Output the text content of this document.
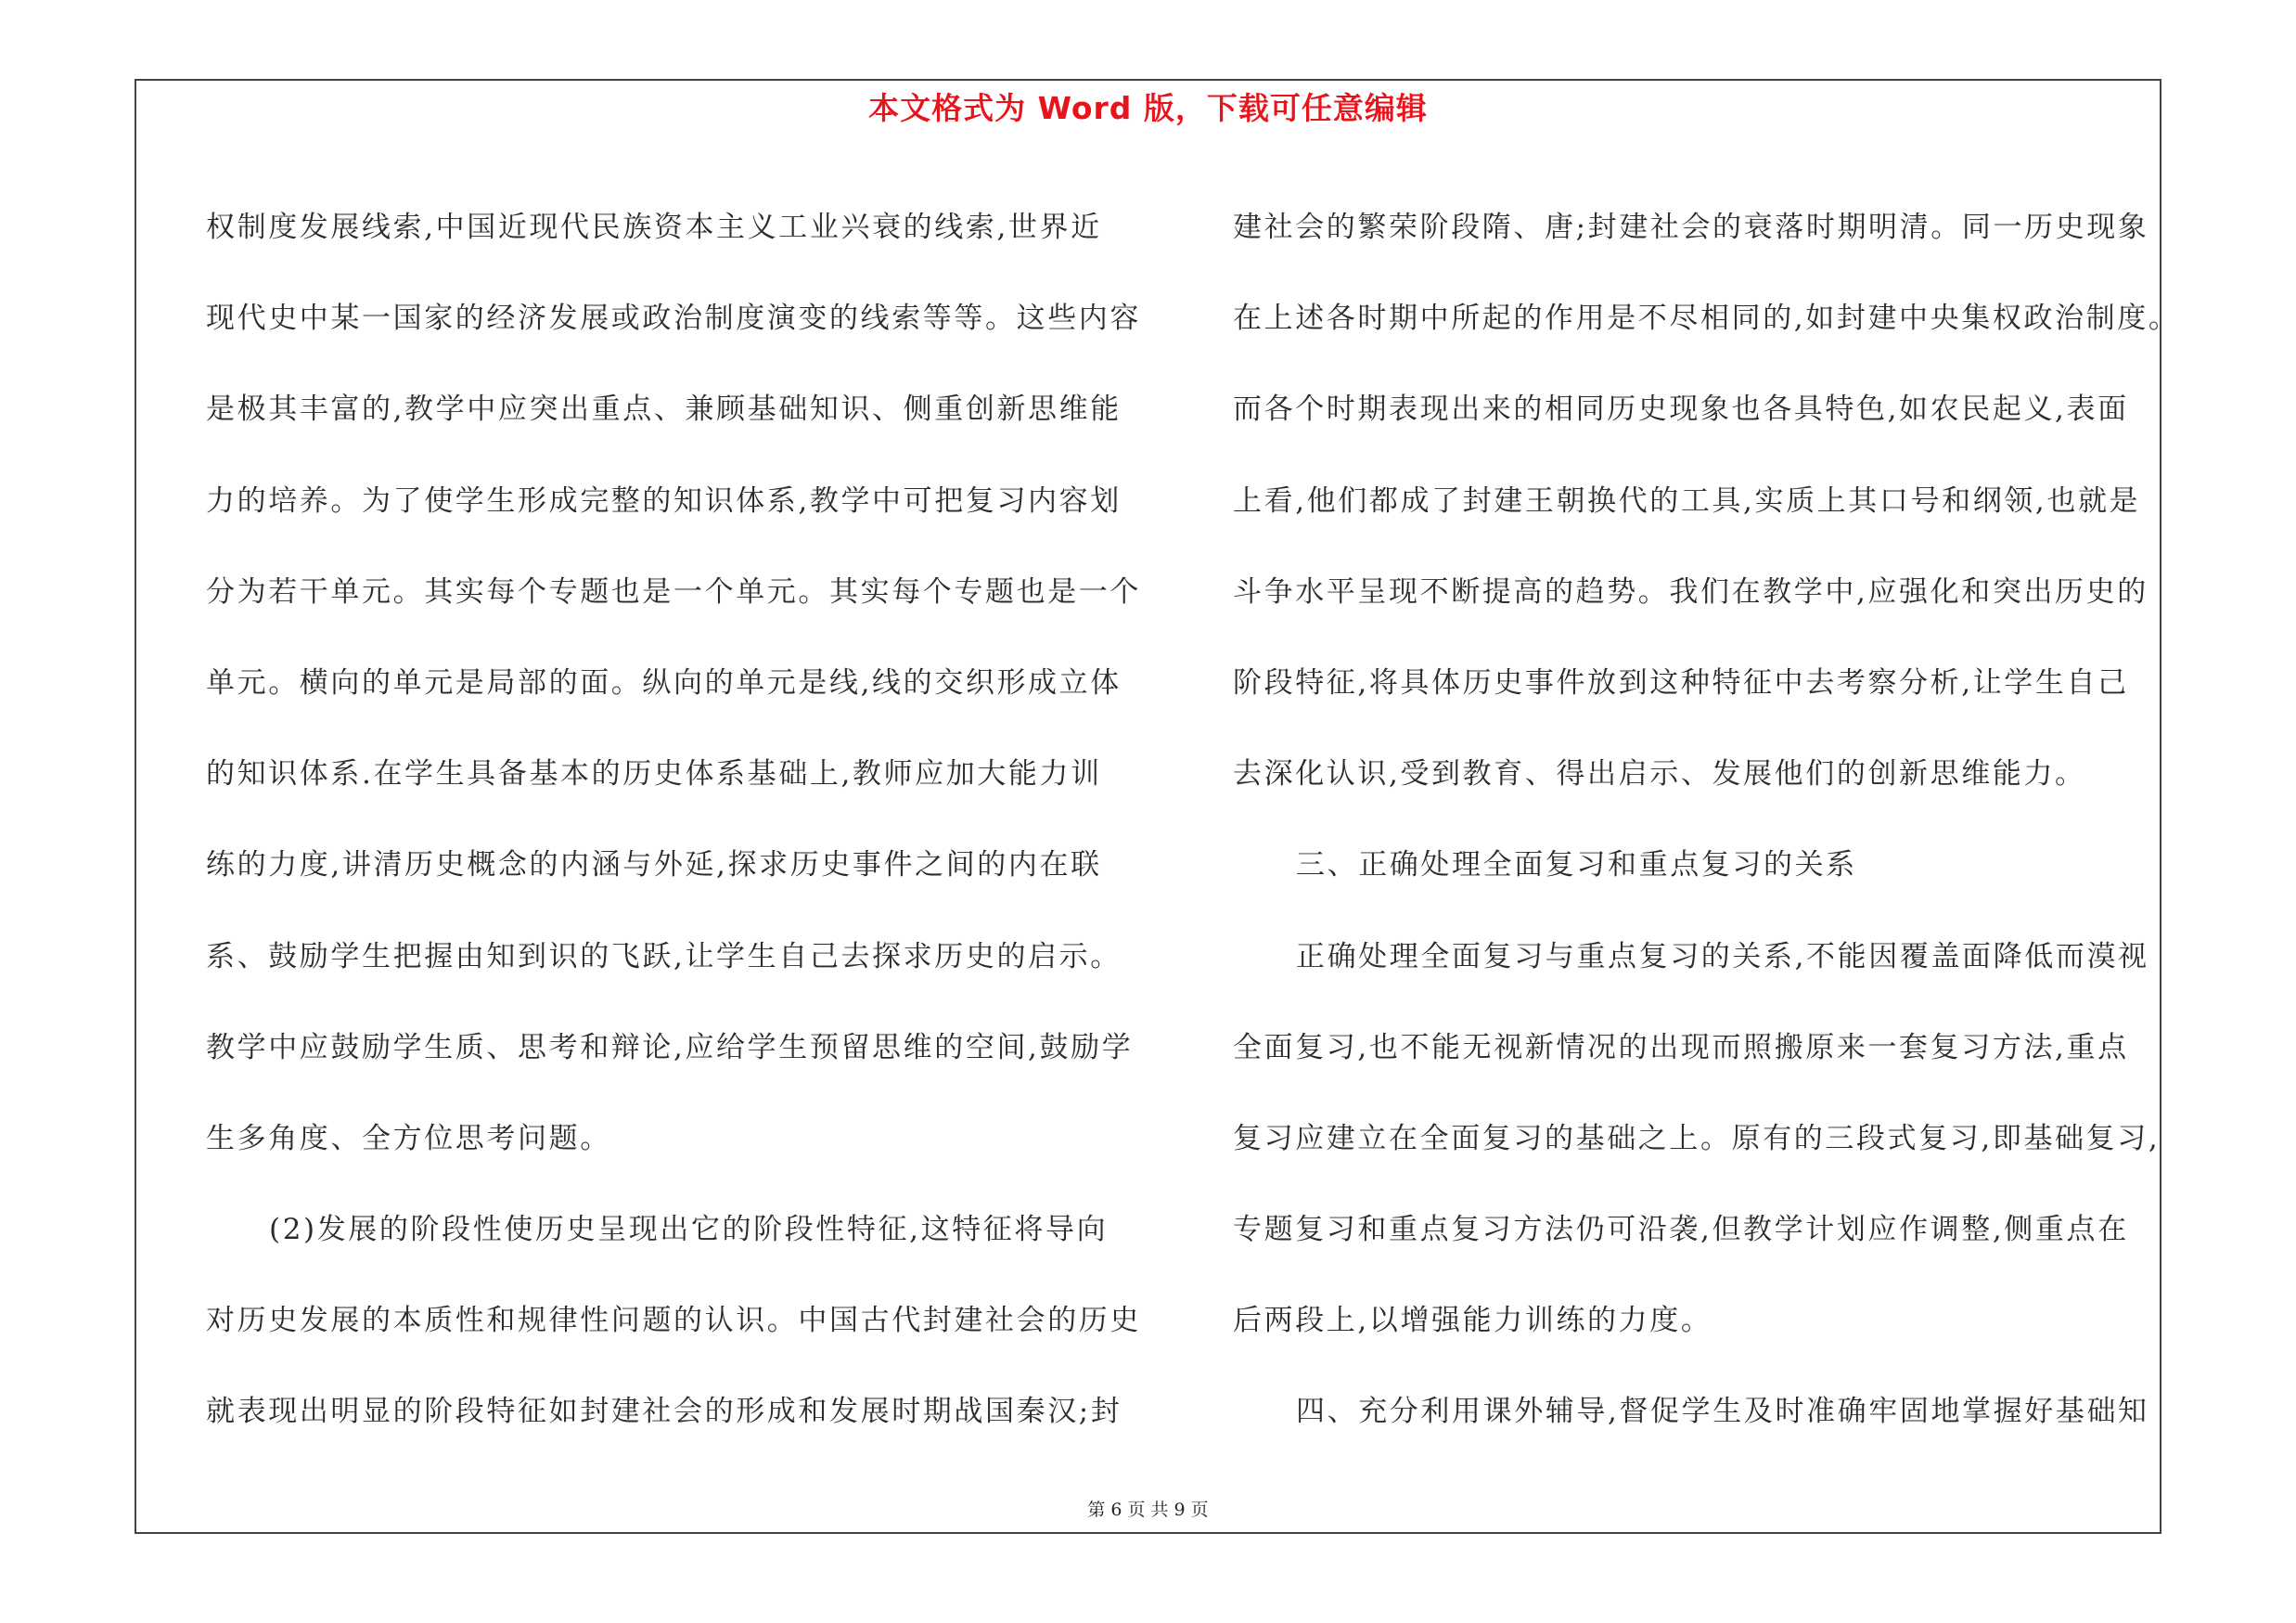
本文格式为 Word 版，下载可任意编辑
权制度发展线索,中国近现代民族资本主义工业兴衰的线索,世界近
现代史中某一国家的经济发展或政治制度演变的线索等等。这些内容
是极其丰富的,教学中应突出重点、兼顾基础知识、侧重创新思维能
力的培养。为了使学生形成完整的知识体系,教学中可把复习内容划
分为若干单元。其实每个专题也是一个单元。其实每个专题也是一个
单元。横向的单元是局部的面。纵向的单元是线,线的交织形成立体
的知识体系.在学生具备基本的历史体系基础上,教师应加大能力训
练的力度,讲清历史概念的内涵与外延,探求历史事件之间的内在联
系、鼓励学生把握由知到识的飞跃,让学生自己去探求历史的启示。
教学中应鼓励学生质、思考和辩论,应给学生预留思维的空间,鼓励学
生多角度、全方位思考问题。
(2)发展的阶段性使历史呈现出它的阶段性特征,这特征将导向
对历史发展的本质性和规律性问题的认识。中国古代封建社会的历史
就表现出明显的阶段特征如封建社会的形成和发展时期战国秦汉;封
建社会的繁荣阶段隋、唐;封建社会的衰落时期明清。同一历史现象
在上述各时期中所起的作用是不尽相同的,如封建中央集权政治制度。
而各个时期表现出来的相同历史现象也各具特色,如农民起义,表面
上看,他们都成了封建王朝换代的工具,实质上其口号和纲领,也就是
斗争水平呈现不断提高的趋势。我们在教学中,应强化和突出历史的
阶段特征,将具体历史事件放到这种特征中去考察分析,让学生自己
去深化认识,受到教育、得出启示、发展他们的创新思维能力。
三、正确处理全面复习和重点复习的关系
正确处理全面复习与重点复习的关系,不能因覆盖面降低而漠视
全面复习,也不能无视新情况的出现而照搬原来一套复习方法,重点
复习应建立在全面复习的基础之上。原有的三段式复习,即基础复习,
专题复习和重点复习方法仍可沿袭,但教学计划应作调整,侧重点在
后两段上,以增强能力训练的力度。
四、充分利用课外辅导,督促学生及时准确牢固地掌握好基础知
第 6 页 共 9 页
